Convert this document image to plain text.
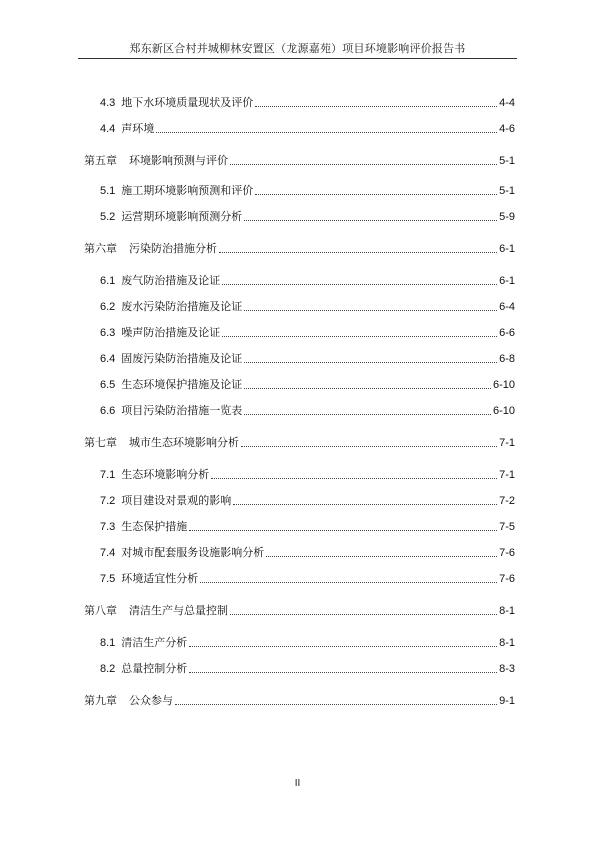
郑东新区合村并城柳林安置区（龙源嘉苑）项目环境影响评价报告书
4.3 地下水环境质量现状及评价	4-4
4.4 声环境	4-6
第五章 环境影响预测与评价	5-1
5.1 施工期环境影响预测和评价	5-1
5.2 运营期环境影响预测分析	5-9
第六章 污染防治措施分析	6-1
6.1 废气防治措施及论证	6-1
6.2 废水污染防治措施及论证	6-4
6.3 噪声防治措施及论证	6-6
6.4 固废污染防治措施及论证	6-8
6.5 生态环境保护措施及论证	6-10
6.6 项目污染防治措施一览表	6-10
第七章 城市生态环境影响分析	7-1
7.1 生态环境影响分析	7-1
7.2 项目建设对景观的影响	7-2
7.3 生态保护措施	7-5
7.4 对城市配套服务设施影响分析	7-6
7.5 环境适宜性分析	7-6
第八章 清洁生产与总量控制	8-1
8.1 清洁生产分析	8-1
8.2 总量控制分析	8-3
第九章 公众参与	9-1
II
